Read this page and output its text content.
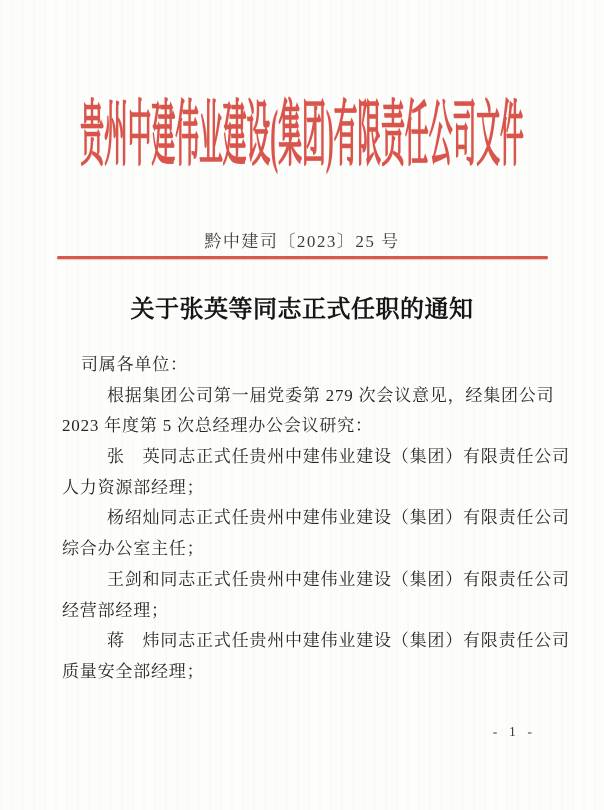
贵州中建伟业建设(集团)有限责任公司文件
黔中建司〔2023〕25 号
关于张英等同志正式任职的通知

司属各单位：

根据集团公司第一届党委第 279 次会议意见，经集团公司

2023 年度第 5 次总经理办公会议研究：

张　英同志正式任贵州中建伟业建设（集团）有限责任公司

人力资源部经理；

杨绍灿同志正式任贵州中建伟业建设（集团）有限责任公司

综合办公室主任；

王剑和同志正式任贵州中建伟业建设（集团）有限责任公司

经营部经理；

蒋　炜同志正式任贵州中建伟业建设（集团）有限责任公司

质量安全部经理；

- 1 -
